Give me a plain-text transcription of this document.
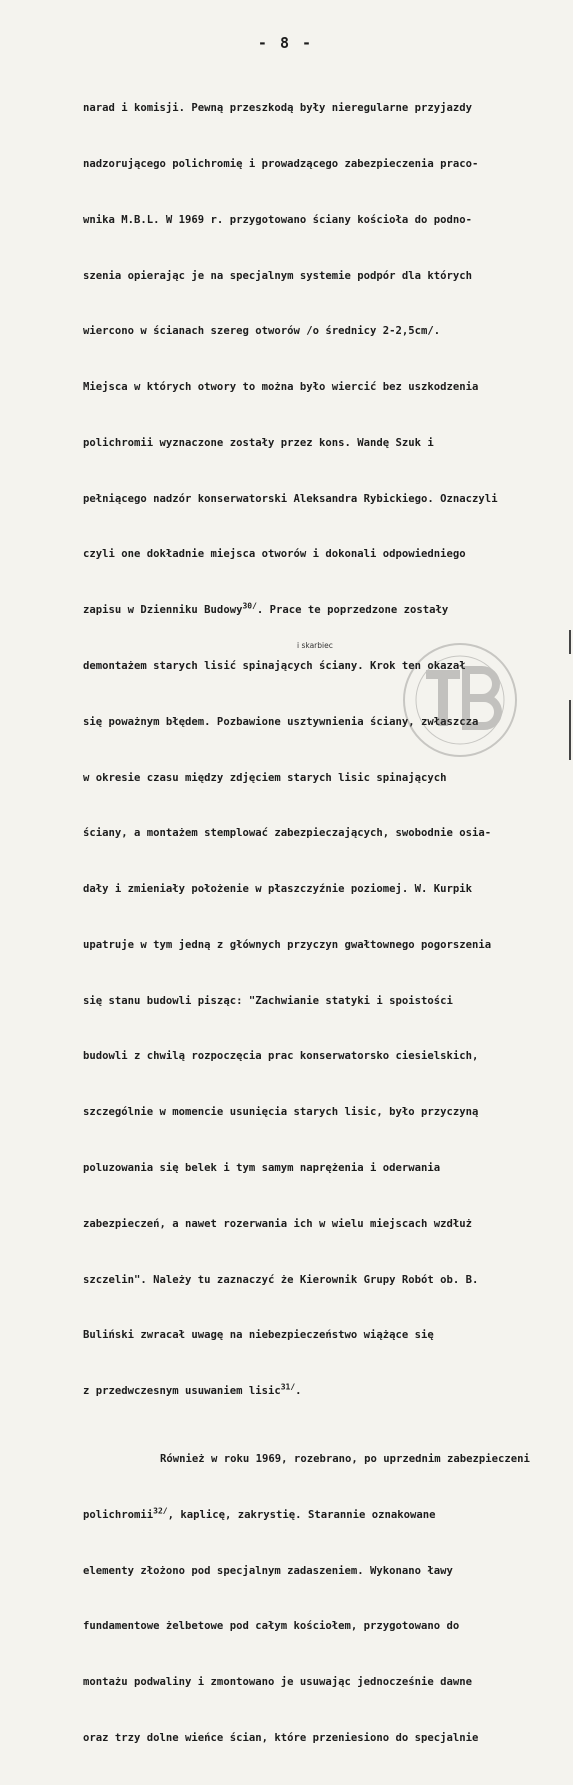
- 8 -

narad i komisji. Pewną przeszkodą były nieregularne przyjazdy

nadzorującego polichromię i prowadzącego zabezpieczenia praco-

wnika M.B.L. W 1969 r. przygotowano ściany kościoła do podno-

szenia opierając je na specjalnym systemie podpór dla których

wiercono w ścianach szereg otworów /o średnicy 2-2,5cm/.

Miejsca w których otwory to można było wiercić bez uszkodzenia

polichromii wyznaczone zostały przez kons. Wandę Szuk i

pełniącego nadzór konserwatorski Aleksandra Rybickiego. Oznaczyli

czyli one dokładnie miejsca otworów i dokonali odpowiedniego

zapisu w Dzienniku Budowy$^{30/}$. Prace te poprzedzone zostały

demontażem starych lisić spinających ściany. Krok ten okazał

się poważnym błędem. Pozbawione usztywnienia ściany, zwłaszcza

w okresie czasu między zdjęciem starych lisic spinających

ściany, a montażem stemplować zabezpieczających, swobodnie osia-

dały i zmieniały położenie w płaszczyźnie poziomej. W. Kurpik

upatruje w tym jedną z głównych przyczyn gwałtownego pogorszenia

się stanu budowli pisząc: "Zachwianie statyki i spoistości

budowli z chwilą rozpoczęcia prac konserwatorsko ciesielskich,

szczególnie w momencie usunięcia starych lisic, było przyczyną

poluzowania się belek i tym samym naprężenia i oderwania

zabezpieczeń, a nawet rozerwania ich w wielu miejscach wzdłuż

szczelin". Należy tu zaznaczyć że Kierownik Grupy Robót ob. B.

Buliński zwracał uwagę na niebezpieczeństwo wiążące się

z przedwczesnym usuwaniem lisic$^{31/}$.

Również w roku 1969, rozebrano, po uprzednim zabezpieczeni

polichromii$^{32/}$, kaplicę, zakrystię. Starannie oznakowane

elementy złożono pod specjalnym zadaszeniem. Wykonano ławy

fundamentowe żelbetowe pod całym kościołem, przygotowano do

montażu podwaliny i zmontowano je usuwając jednocześnie dawne

oraz trzy dolne wieńce ścian, które przeniesiono do specjalnie

i skarbiec
